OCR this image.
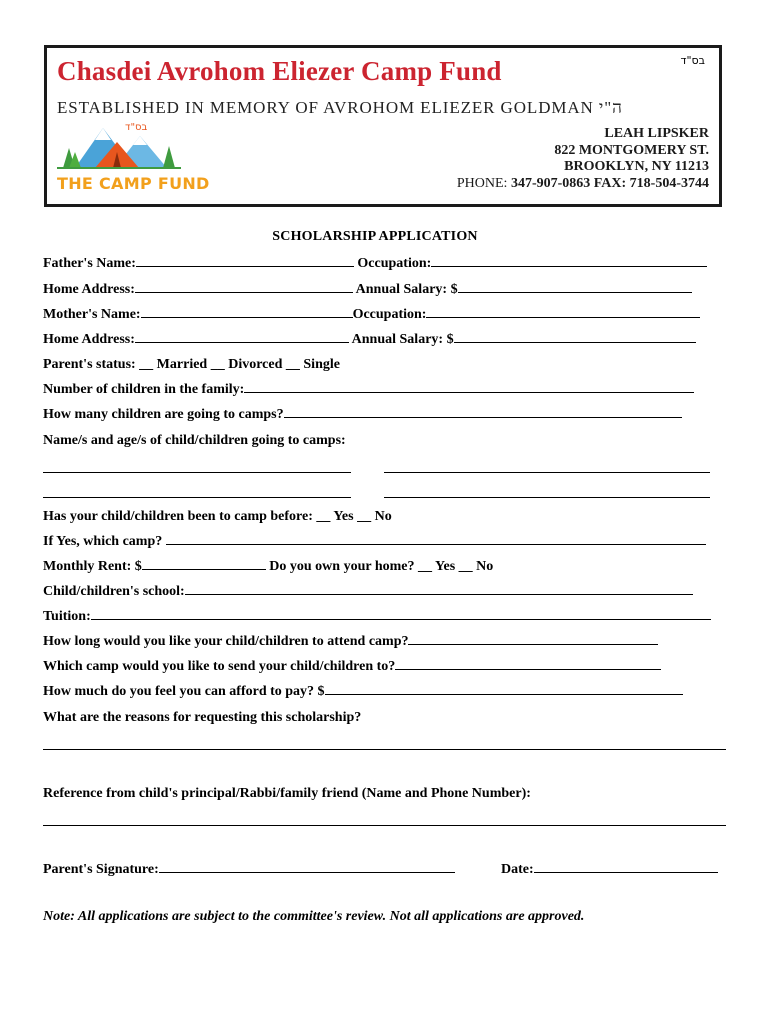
בס"ד
Chasdei Avrohom Eliezer Camp Fund
ESTABLISHED IN MEMORY OF AVROHOM ELIEZER GOLDMAN ה"י
בס"ד
THE CAMP FUND
LEAH LIPSKER
822 MONTGOMERY ST.
BROOKLYN, NY 11213
PHONE: 347-907-0863 FAX: 718-504-3744
SCHOLARSHIP APPLICATION
Father's Name:	Occupation:
Home Address:	Annual Salary: $
Mother's Name:	Occupation:
Home Address:	Annual Salary: $
Parent's status: __ Married __ Divorced __ Single
Number of children in the family:
How many children are going to camps?
Name/s and age/s of child/children going to camps:
Has your child/children been to camp before: __ Yes __ No
If Yes, which camp?
Monthly Rent: $	Do you own your home? __ Yes __ No
Child/children's school:
Tuition:
How long would you like your child/children to attend camp?
Which camp would you like to send your child/children to?
How much do you feel you can afford to pay? $
What are the reasons for requesting this scholarship?
Reference from child's principal/Rabbi/family friend (Name and Phone Number):
Parent's Signature:	Date:
Note: All applications are subject to the committee's review. Not all applications are approved.
